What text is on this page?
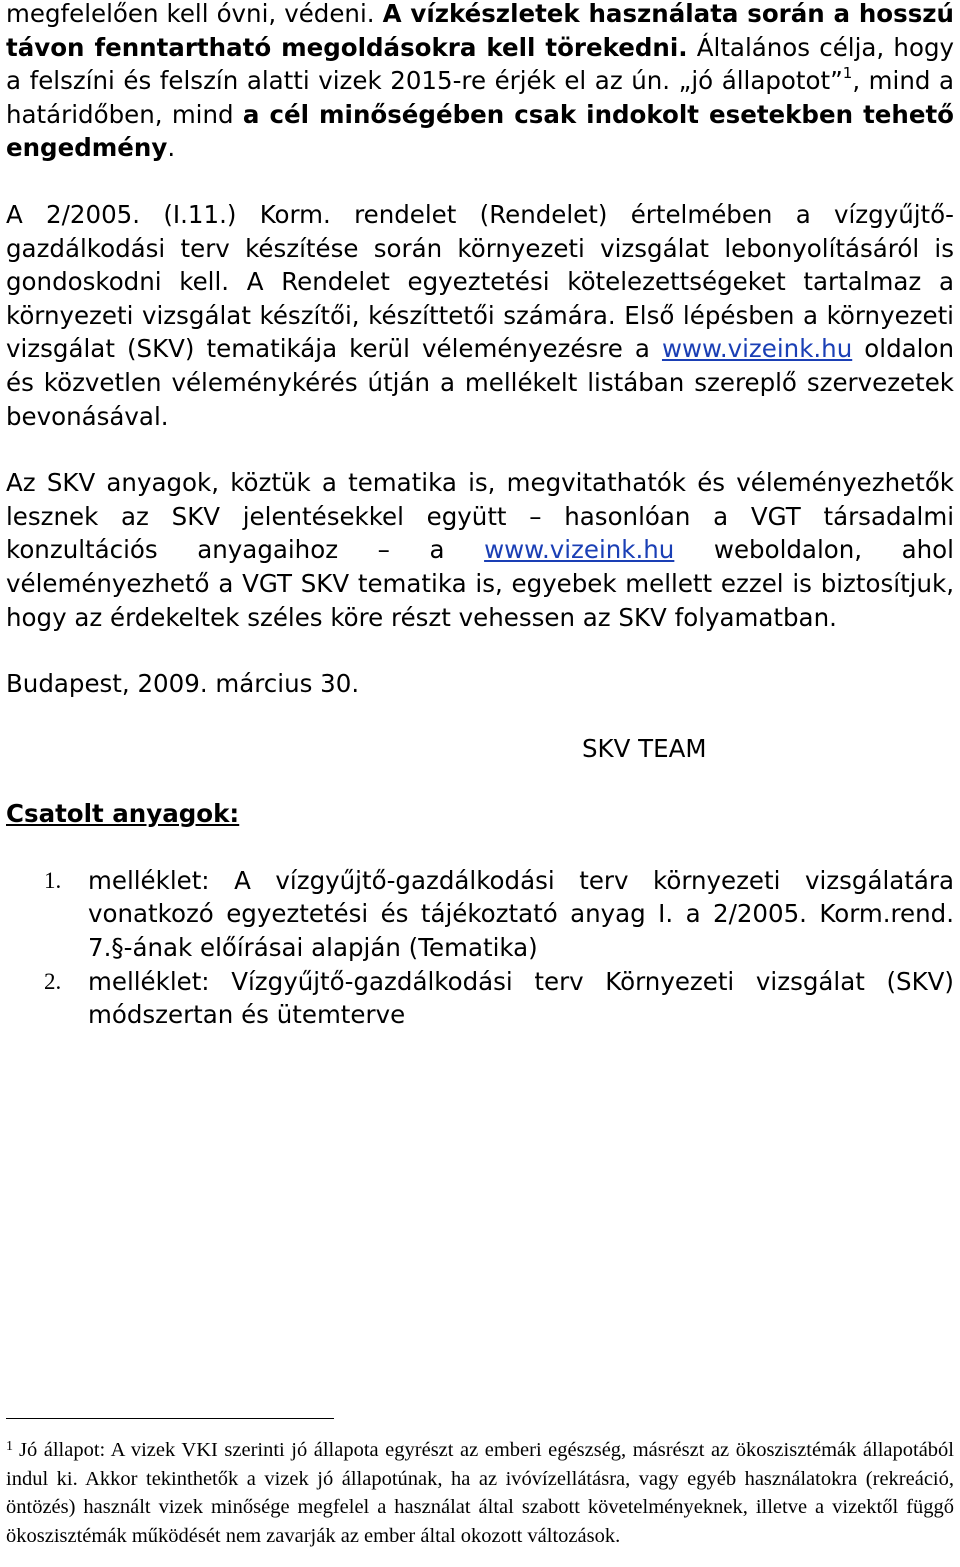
megfelelően kell óvni, védeni. A vízkészletek használata során a hosszú távon fenntartható megoldásokra kell törekedni. Általános célja, hogy a felszíni és felszín alatti vizek 2015-re érjék el az ún. „jó állapotot”$^1$, mind a határidőben, mind a cél minőségében csak indokolt esetekben tehető engedmény.

A 2/2005. (I.11.) Korm. rendelet (Rendelet) értelmében a vízgyűjtő-gazdálkodási terv készítése során környezeti vizsgálat lebonyolításáról is gondoskodni kell. A Rendelet egyeztetési kötelezettségeket tartalmaz a környezeti vizsgálat készítői, készíttetői számára. Első lépésben a környezeti vizsgálat (SKV) tematikája kerül véleményezésre a www.vizeink.hu oldalon és közvetlen véleménykérés útján a mellékelt listában szereplő szervezetek bevonásával.

Az SKV anyagok, köztük a tematika is, megvitathatók és véleményezhetők lesznek az SKV jelentésekkel együtt – hasonlóan a VGT társadalmi konzultációs anyagaihoz – a www.vizeink.hu weboldalon, ahol véleményezhető a VGT SKV tematika is, egyebek mellett ezzel is biztosítjuk, hogy az érdekeltek széles köre részt vehessen az SKV folyamatban.

Budapest, 2009. március 30.

SKV TEAM
Csatolt anyagok:
1. melléklet: A vízgyűjtő-gazdálkodási terv környezeti vizsgálatára vonatkozó egyeztetési és tájékoztató anyag I. a 2/2005. Korm.rend. 7.§-ának előírásai alapján (Tematika)
2. melléklet: Vízgyűjtő-gazdálkodási terv Környezeti vizsgálat (SKV) módszertan és ütemterve
$^1$ Jó állapot: A vizek VKI szerinti jó állapota egyrészt az emberi egészség, másrészt az ökoszisztémák állapotából indul ki. Akkor tekinthetők a vizek jó állapotúnak, ha az ivóvízellátásra, vagy egyéb használatokra (rekreáció, öntözés) használt vizek minősége megfelel a használat által szabott követelményeknek, illetve a vizektől függő ökoszisztémák működését nem zavarják az ember által okozott változások.
